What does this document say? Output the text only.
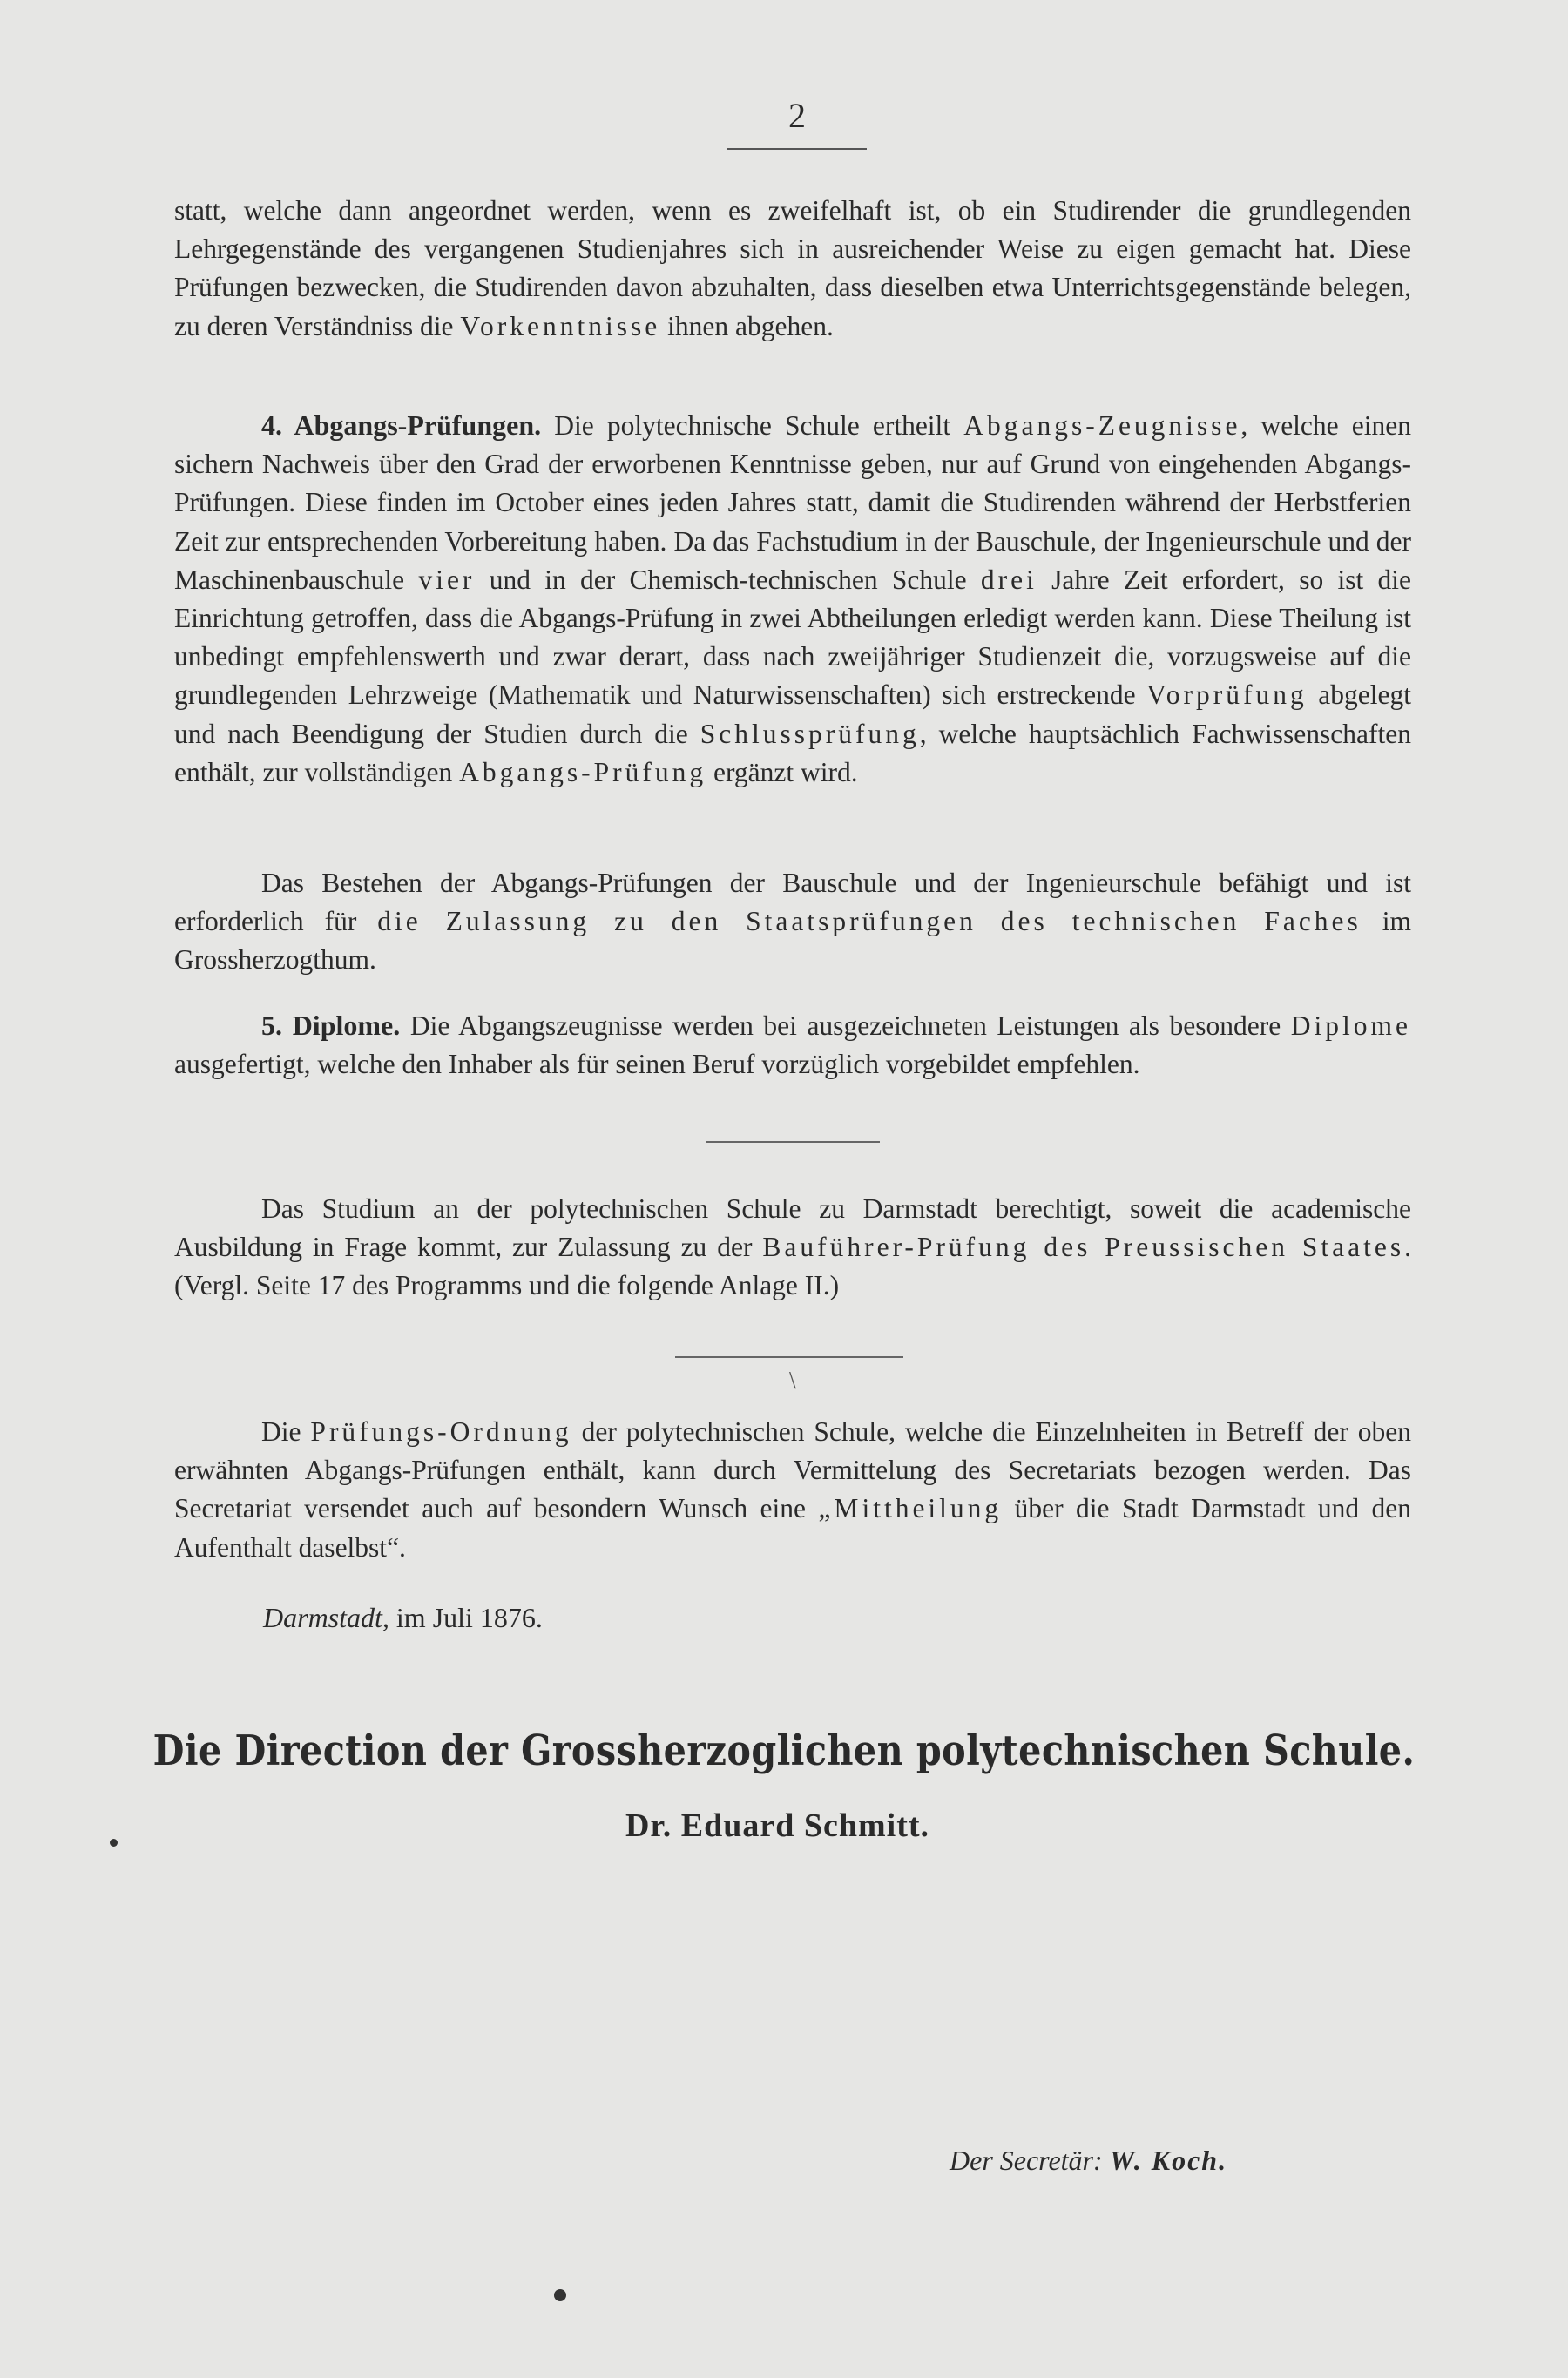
2

statt, welche dann angeordnet werden, wenn es zweifelhaft ist, ob ein Studirender die grundlegenden Lehrgegenstände des vergangenen Studienjahres sich in ausreichender Weise zu eigen gemacht hat. Diese Prüfungen bezwecken, die Studirenden davon abzuhalten, dass dieselben etwa Unterrichtsgegenstände belegen, zu deren Verständniss die Vorkenntnisse ihnen abgehen.

4. Abgangs-Prüfungen. Die polytechnische Schule ertheilt Abgangs-Zeugnisse, welche einen sichern Nachweis über den Grad der erworbenen Kenntnisse geben, nur auf Grund von eingehenden Abgangs-Prüfungen. Diese finden im October eines jeden Jahres statt, damit die Studirenden während der Herbstferien Zeit zur entsprechenden Vorbereitung haben. Da das Fachstudium in der Bauschule, der Ingenieurschule und der Maschinenbauschule vier und in der Chemisch-technischen Schule drei Jahre Zeit erfordert, so ist die Einrichtung getroffen, dass die Abgangs-Prüfung in zwei Abtheilungen erledigt werden kann. Diese Theilung ist unbedingt empfehlenswerth und zwar derart, dass nach zweijähriger Studienzeit die, vorzugsweise auf die grundlegenden Lehrzweige (Mathematik und Naturwissenschaften) sich erstreckende Vorprüfung abgelegt und nach Beendigung der Studien durch die Schlussprüfung, welche hauptsächlich Fachwissenschaften enthält, zur vollständigen Abgangs-Prüfung ergänzt wird.

Das Bestehen der Abgangs-Prüfungen der Bauschule und der Ingenieurschule befähigt und ist erforderlich für die Zulassung zu den Staatsprüfungen des technischen Faches im Grossherzogthum.

5. Diplome. Die Abgangszeugnisse werden bei ausgezeichneten Leistungen als besondere Diplome ausgefertigt, welche den Inhaber als für seinen Beruf vorzüglich vorgebildet empfehlen.

Das Studium an der polytechnischen Schule zu Darmstadt berechtigt, soweit die academische Ausbildung in Frage kommt, zur Zulassung zu der Bauführer-Prüfung des Preussischen Staates. (Vergl. Seite 17 des Programms und die folgende Anlage II.)

\

Die Prüfungs-Ordnung der polytechnischen Schule, welche die Einzelnheiten in Betreff der oben erwähnten Abgangs-Prüfungen enthält, kann durch Vermittelung des Secretariats bezogen werden. Das Secretariat versendet auch auf besondern Wunsch eine „Mittheilung über die Stadt Darmstadt und den Aufenthalt daselbst“.

Darmstadt, im Juli 1876.

Die Direction der Grossherzoglichen polytechnischen Schule.
Dr. Eduard Schmitt.
Der Secretär: W. Koch.
